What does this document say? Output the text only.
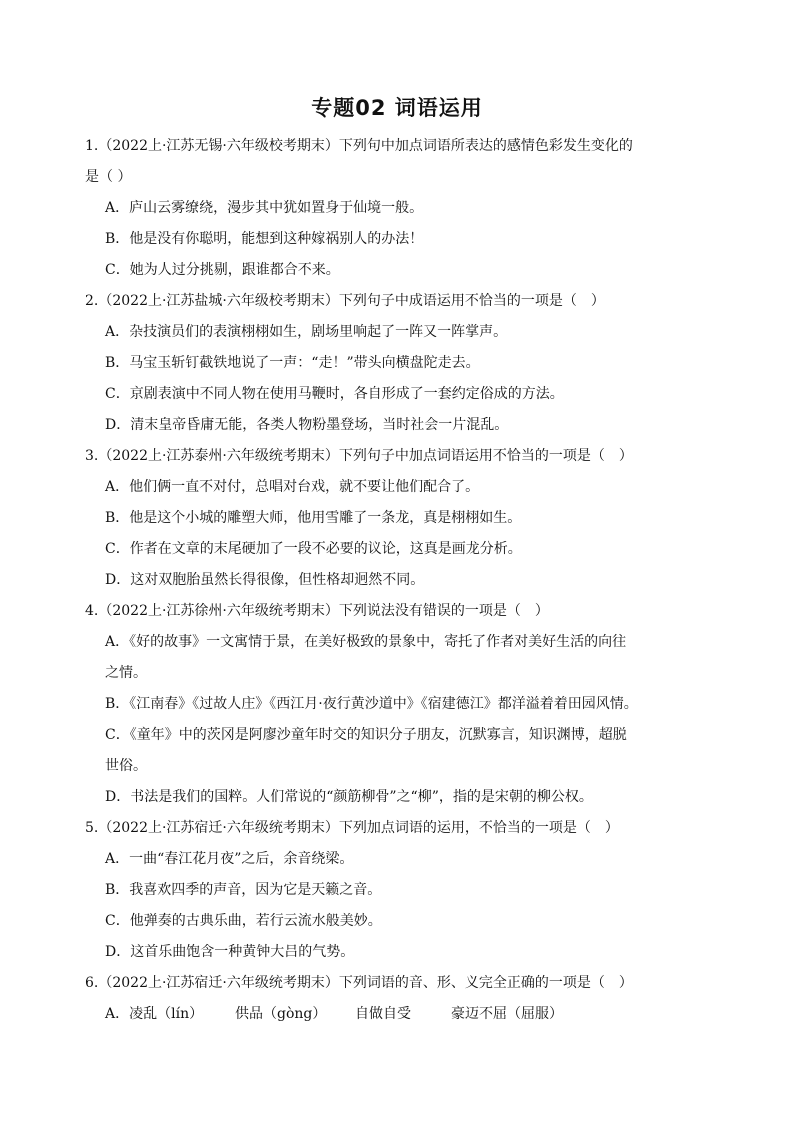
专题02 词语运用

1.（2022上·江苏无锡·六年级校考期末）下列句中加点词语所表达的感情色彩发生变化的

是（ ）

A．庐山云雾缭绕，漫步其中犹如置身于仙境一般。

B．他是没有你聪明，能想到这种嫁祸别人的办法！

C．她为人过分挑剔，跟谁都合不来。

2.（2022上·江苏盐城·六年级校考期末）下列句子中成语运用不恰当的一项是（　）

A．杂技演员们的表演栩栩如生，剧场里响起了一阵又一阵掌声。

B．马宝玉斩钉截铁地说了一声：“走！”带头向横盘陀走去。

C．京剧表演中不同人物在使用马鞭时，各自形成了一套约定俗成的方法。

D．清末皇帝昏庸无能，各类人物粉墨登场，当时社会一片混乱。

3.（2022上·江苏泰州·六年级统考期末）下列句子中加点词语运用不恰当的一项是（　）

A．他们俩一直不对付，总唱对台戏，就不要让他们配合了。

B．他是这个小城的雕塑大师，他用雪雕了一条龙，真是栩栩如生。

C．作者在文章的末尾硬加了一段不必要的议论，这真是画龙分析。

D．这对双胞胎虽然长得很像，但性格却迥然不同。

4.（2022上·江苏徐州·六年级统考期末）下列说法没有错误的一项是（　）

A．《好的故事》一文寓情于景，在美好极致的景象中，寄托了作者对美好生活的向往

之情。

B．《江南春》《过故人庄》《西江月·夜行黄沙道中》《宿建德江》都洋溢着着田园风情。

C．《童年》中的茨冈是阿廖沙童年时交的知识分子朋友，沉默寡言，知识渊博，超脱

世俗。

D．书法是我们的国粹。人们常说的“颜筋柳骨”之“柳”，指的是宋朝的柳公权。

5.（2022上·江苏宿迁·六年级统考期末）下列加点词语的运用，不恰当的一项是（　）

A．一曲“春江花月夜”之后，余音绕梁。

B．我喜欢四季的声音，因为它是天籁之音。

C．他弹奏的古典乐曲，若行云流水般美妙。

D．这首乐曲饱含一种黄钟大吕的气势。

6.（2022上·江苏宿迁·六年级统考期末）下列词语的音、形、义完全正确的一项是（　）

A．凌乱（lín） 供品（gòng） 自做自受	豪迈不屈（屈服）
